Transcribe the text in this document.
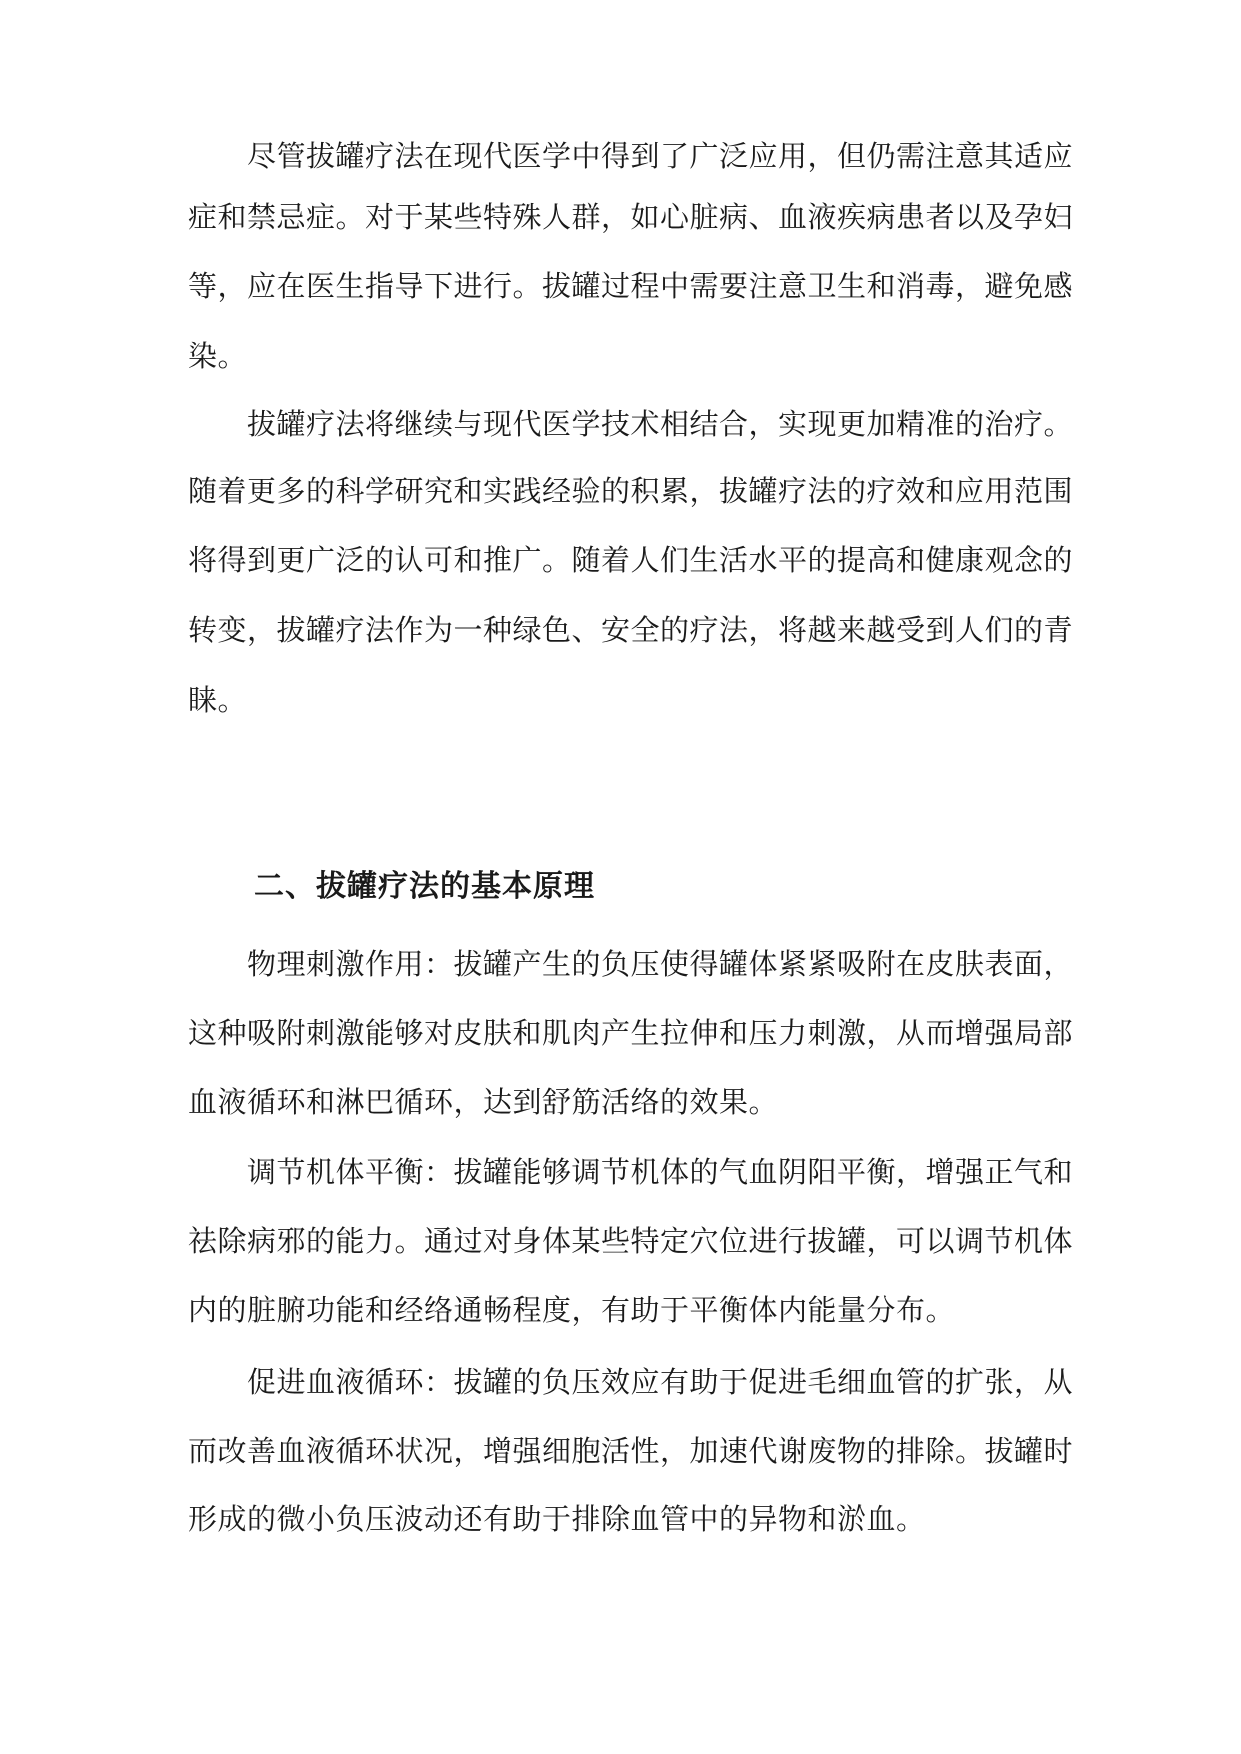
尽管拔罐疗法在现代医学中得到了广泛应用，但仍需注意其适应
症和禁忌症。对于某些特殊人群，如心脏病、血液疾病患者以及孕妇
等，应在医生指导下进行。拔罐过程中需要注意卫生和消毒，避免感
染。
拔罐疗法将继续与现代医学技术相结合，实现更加精准的治疗。
随着更多的科学研究和实践经验的积累，拔罐疗法的疗效和应用范围
将得到更广泛的认可和推广。随着人们生活水平的提高和健康观念的
转变，拔罐疗法作为一种绿色、安全的疗法，将越来越受到人们的青
睐。
二、拔罐疗法的基本原理
物理刺激作用：拔罐产生的负压使得罐体紧紧吸附在皮肤表面，
这种吸附刺激能够对皮肤和肌肉产生拉伸和压力刺激，从而增强局部
血液循环和淋巴循环，达到舒筋活络的效果。
调节机体平衡：拔罐能够调节机体的气血阴阳平衡，增强正气和
祛除病邪的能力。通过对身体某些特定穴位进行拔罐，可以调节机体
内的脏腑功能和经络通畅程度，有助于平衡体内能量分布。
促进血液循环：拔罐的负压效应有助于促进毛细血管的扩张，从
而改善血液循环状况，增强细胞活性，加速代谢废物的排除。拔罐时
形成的微小负压波动还有助于排除血管中的异物和淤血。
